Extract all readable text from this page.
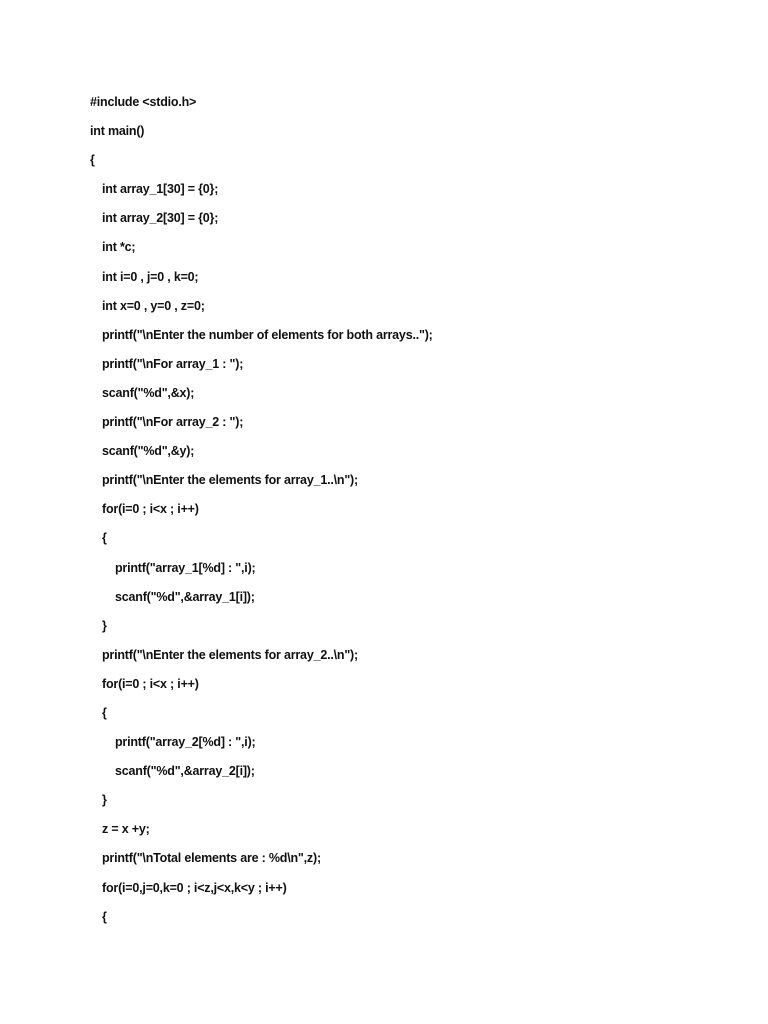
#include <stdio.h>
int main()
{
int array_1[30] = {0};
int array_2[30] = {0};
int *c;
int i=0 , j=0 , k=0;
int x=0 , y=0 , z=0;
printf("\nEnter the number of elements for both arrays..");
printf("\nFor array_1 : ");
scanf("%d",&x);
printf("\nFor array_2 : ");
scanf("%d",&y);
printf("\nEnter the elements for array_1..\n");
for(i=0 ; i<x ; i++)
{
printf("array_1[%d] : ",i);
scanf("%d",&array_1[i]);
}
printf("\nEnter the elements for array_2..\n");
for(i=0 ; i<x ; i++)
{
printf("array_2[%d] : ",i);
scanf("%d",&array_2[i]);
}
z = x +y;
printf("\nTotal elements are : %d\n",z);
for(i=0,j=0,k=0 ; i<z,j<x,k<y ; i++)
{
